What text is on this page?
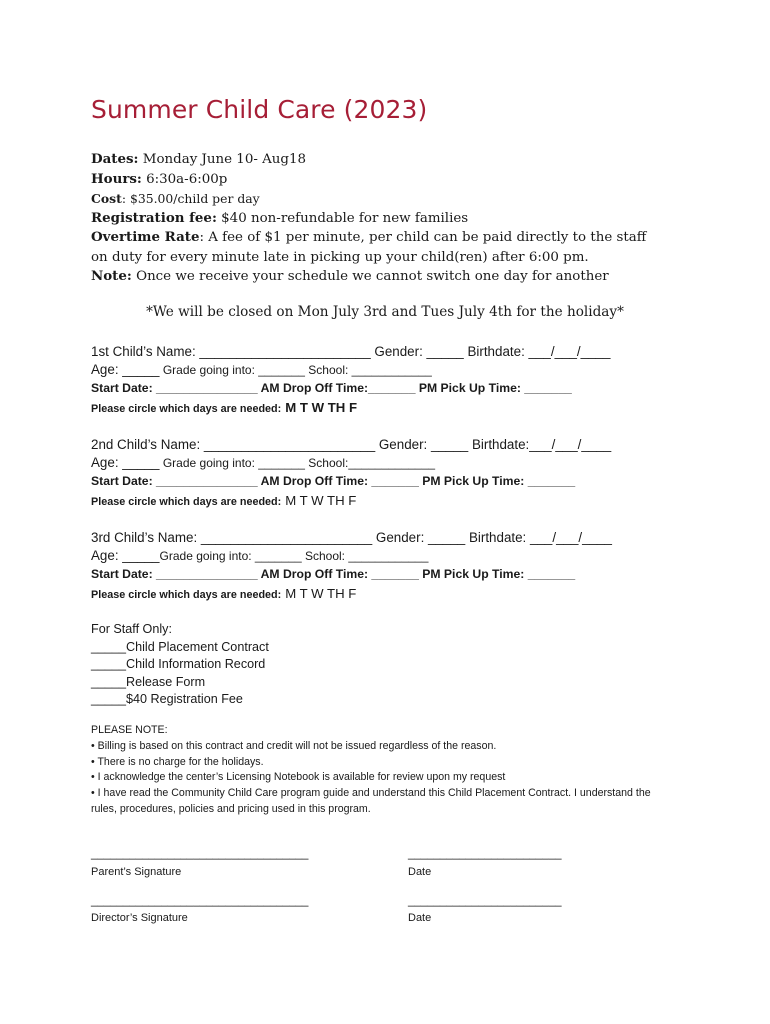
Summer Child Care (2023)
Dates: Monday June 10- Aug18
Hours: 6:30a-6:00p
Cost: $35.00/child per day
Registration fee: $40 non-refundable for new families
Overtime Rate: A fee of $1 per minute, per child can be paid directly to the staff
on duty for every minute late in picking up your child(ren) after 6:00 pm.
Note: Once we receive your schedule we cannot switch one day for another
*We will be closed on Mon July 3rd and Tues July 4th for the holiday*
1st Child’s Name: _______________________ Gender: _____ Birthdate: ___/___/____
Age: _____ Grade going into: _______ School: ____________
Start Date: _______________ AM Drop Off Time:_______ PM Pick Up Time: _______
Please circle which days are needed: M T W TH F
2nd Child’s Name: _______________________ Gender: _____ Birthdate:___/___/____
Age: _____ Grade going into: _______ School:_____________
Start Date: _______________ AM Drop Off Time: _______ PM Pick Up Time: _______
Please circle which days are needed: M T W TH F
3rd Child’s Name: _______________________ Gender: _____ Birthdate: ___/___/____
Age: _____Grade going into: _______ School: ____________
Start Date: _______________ AM Drop Off Time: _______ PM Pick Up Time: _______
Please circle which days are needed: M T W TH F
For Staff Only:
_____Child Placement Contract
_____Child Information Record
_____Release Form
_____$40 Registration Fee
PLEASE NOTE:
• Billing is based on this contract and credit will not be issued regardless of the reason.
• There is no charge for the holidays.
• I acknowledge the center’s Licensing Notebook is available for review upon my request
• I have read the Community Child Care program guide and understand this Child Placement Contract. I understand the rules, procedures, policies and pricing used in this program.
__________________________________
Parent’s Signature
________________________
Date
__________________________________
Director’s Signature
________________________
Date
